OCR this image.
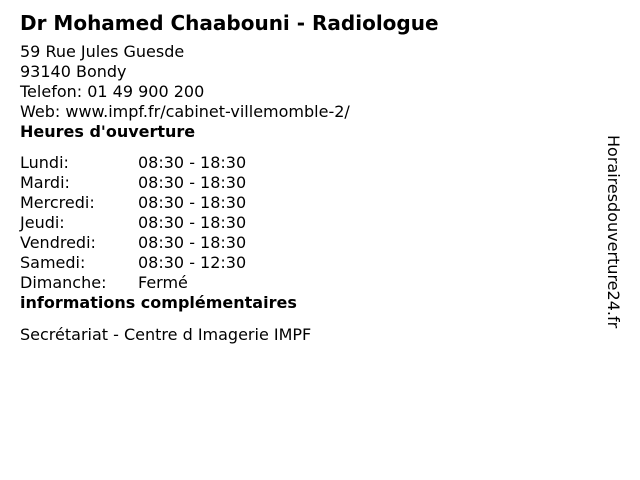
Dr Mohamed Chaabouni - Radiologue
59 Rue Jules Guesde
93140 Bondy
Telefon: 01 49 900 200
Web: www.impf.fr/cabinet-villemomble-2/
Heures d'ouverture
Lundi:	08:30 - 18:30
Mardi:	08:30 - 18:30
Mercredi:	08:30 - 18:30
Jeudi:	08:30 - 18:30
Vendredi:	08:30 - 18:30
Samedi:	08:30 - 12:30
Dimanche:	Fermé
informations complémentaires
Secrétariat - Centre d Imagerie IMPF
Horairesdouverture24.fr
